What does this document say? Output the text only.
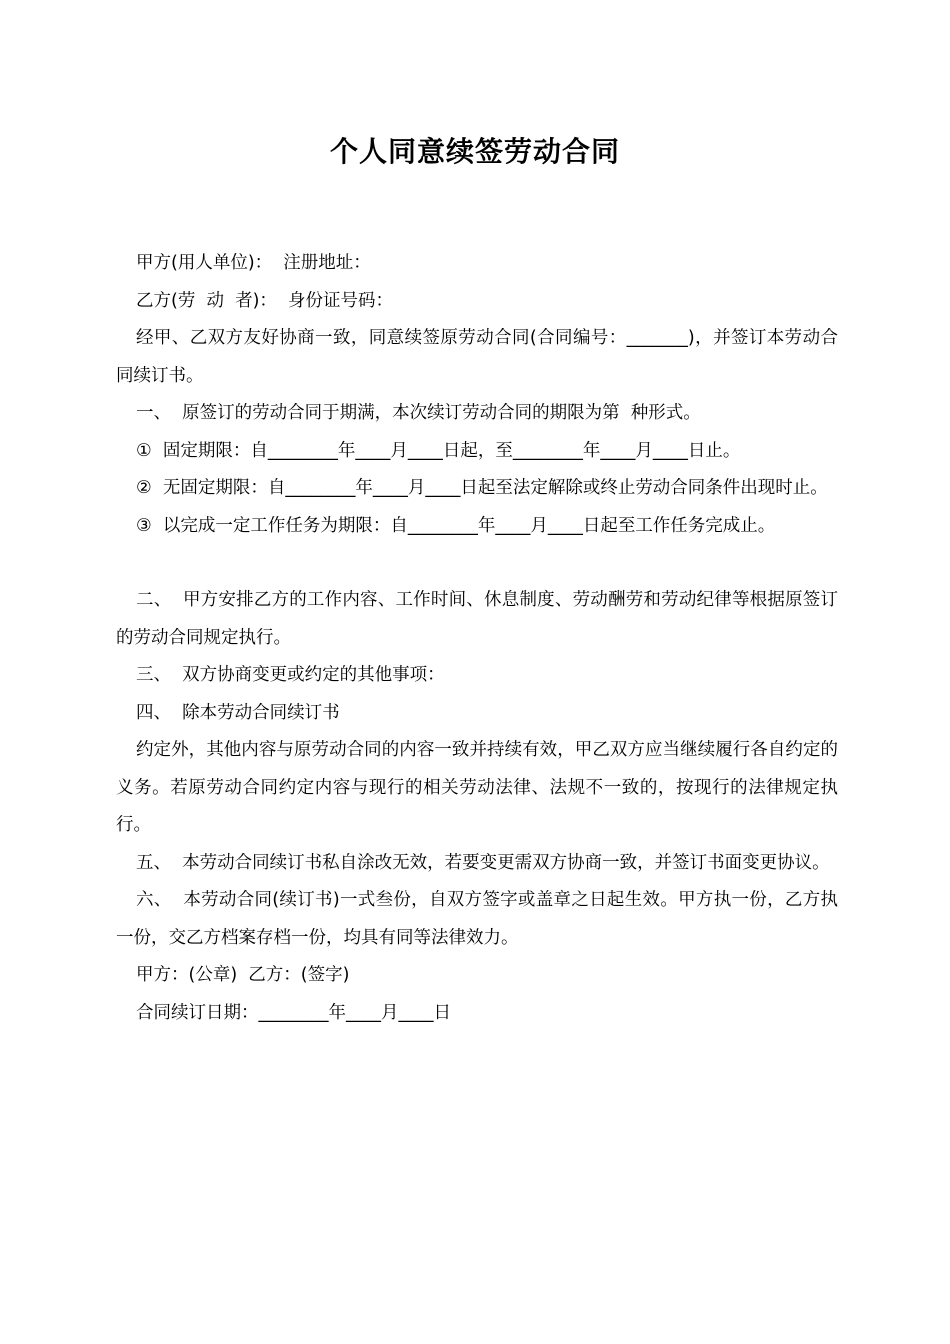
个人同意续签劳动合同

甲方(用人单位)：  注册地址：

乙方(劳  动  者)：  身份证号码：

经甲、乙双方友好协商一致，同意续签原劳动合同(合同编号：_______)，并签订本劳动合同续订书。

一、  原签订的劳动合同于期满，本次续订劳动合同的期限为第  种形式。

①  固定期限：自________年____月____日起，至________年____月____日止。

②  无固定期限：自________年____月____日起至法定解除或终止劳动合同条件出现时止。

③  以完成一定工作任务为期限：自________年____月____日起至工作任务完成止。

二、  甲方安排乙方的工作内容、工作时间、休息制度、劳动酬劳和劳动纪律等根据原签订的劳动合同规定执行。

三、  双方协商变更或约定的其他事项：

四、  除本劳动合同续订书

约定外，其他内容与原劳动合同的内容一致并持续有效，甲乙双方应当继续履行各自约定的义务。若原劳动合同约定内容与现行的相关劳动法律、法规不一致的，按现行的法律规定执行。

五、  本劳动合同续订书私自涂改无效，若要变更需双方协商一致，并签订书面变更协议。

六、  本劳动合同(续订书)一式叁份，自双方签字或盖章之日起生效。甲方执一份，乙方执一份，交乙方档案存档一份，均具有同等法律效力。

甲方：(公章)  乙方：(签字)

合同续订日期：________年____月____日
